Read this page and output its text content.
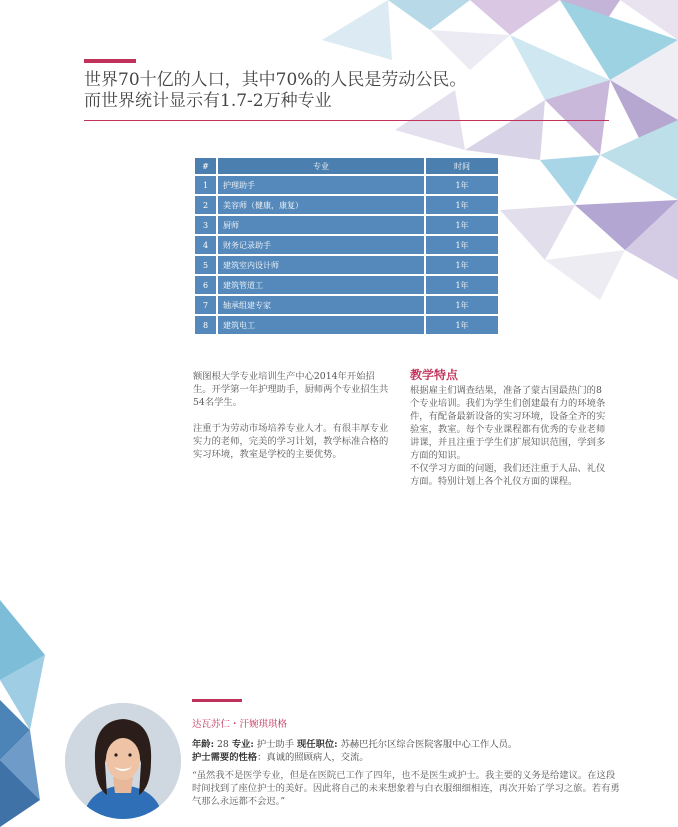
世界70十亿的人口，其中70%的人民是劳动公民。
而世界统计显示有1.7-2万种专业
#	专业	时间
1	护理助手	1年
2	美容师（健康，康复）	1年
3	厨师	1年
4	财务记录助手	1年
5	建筑室内设计师	1年
6	建筑管道工	1年
7	轴承组建专家	1年
8	建筑电工	1年

额图根大学专业培训生产中心2014年开始招生。开学第一年护理助手，厨师两个专业招生共54名学生。

注重于为劳动市场培养专业人才。有很丰厚专业实力的老师，完美的学习计划，教学标准合格的实习环境，教室是学校的主要优势。

教学特点

根据雇主们调查结果，准备了蒙古国最热门的8个专业培训。我们为学生们创建最有力的环境条件，有配备最新设备的实习环境，设备全齐的实验室，教室。每个专业课程都有优秀的专业老师讲课，并且注重于学生们扩展知识范围，学到多方面的知识。

不仅学习方面的问题，我们还注重于人品、礼仪方面。特别计划上各个礼仪方面的课程。

达瓦苏仁・汗婉琪琪格
年龄: 28 专业: 护士助手 现任职位: 苏赫巴托尔区综合医院客服中心工作人员。
护士需要的性格：真诚的照顾病人，交流。

“虽然我不是医学专业，但是在医院已工作了四年，也不是医生或护士。我主要的义务是给建议。在这段时间找到了座位护士的美好。因此将自己的未来想象着与白衣服细细相连，再次开始了学习之旅。若有勇气那么永远都不会迟。”
